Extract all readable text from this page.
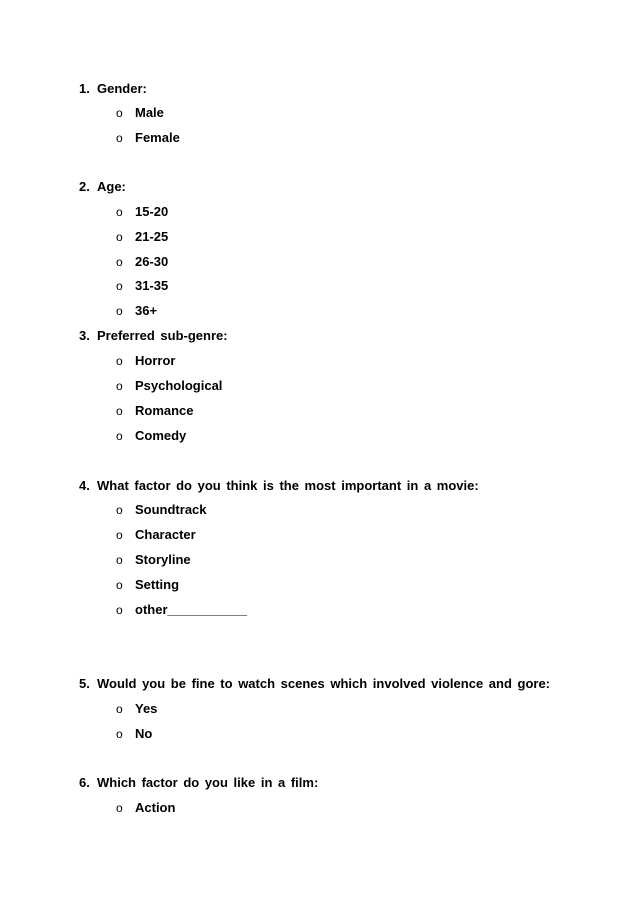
1. Gender:
o Male
o Female
2. Age:
o 15-20
o 21-25
o 26-30
o 31-35
o 36+
3. Preferred sub-genre:
o Horror
o Psychological
o Romance
o Comedy
4. What factor do you think is the most important in a movie:
o Soundtrack
o Character
o Storyline
o Setting
o other___________
5. Would you be fine to watch scenes which involved violence and gore:
o Yes
o No
6. Which factor do you like in a film:
o Action
